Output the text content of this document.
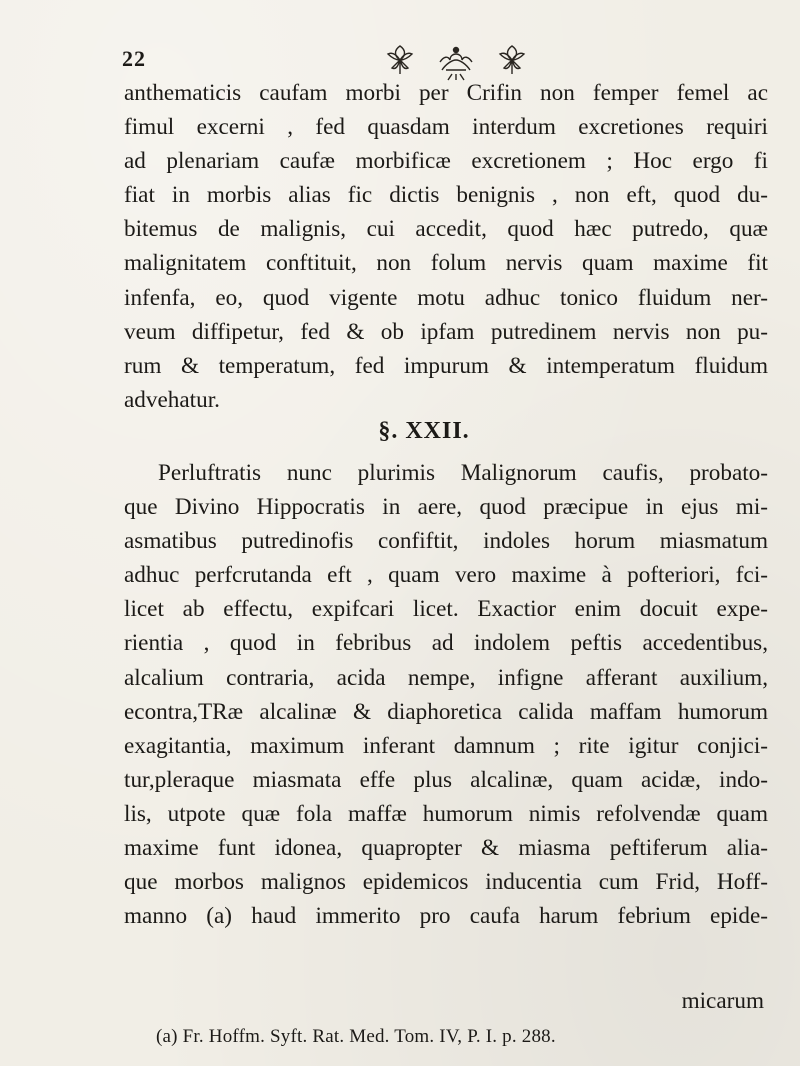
22
anthematicis caufam morbi per Crifin non femper femel ac
fimul excerni , fed quasdam interdum excretiones requiri
ad plenariam caufæ morbificæ excretionem ; Hoc ergo fi
fiat in morbis alias fic dictis benignis , non eft, quod du-
bitemus de malignis, cui accedit, quod hæc putredo, quæ
malignitatem conftituit, non folum nervis quam maxime fit
infenfa, eo, quod vigente motu adhuc tonico fluidum ner-
veum diffipetur, fed & ob ipfam putredinem nervis non pu-
rum & temperatum, fed impurum & intemperatum fluidum
advehatur.
§. XXII.
Perluftratis nunc plurimis Malignorum caufis, probato-
que Divino Hippocratis in aere, quod præcipue in ejus mi-
asmatibus putredinofis confiftit, indoles horum miasmatum
adhuc perfcrutanda eft , quam vero maxime à pofteriori, fci-
licet ab effectu, expifcari licet. Exactior enim docuit expe-
rientia , quod in febribus ad indolem peftis accedentibus,
alcalium contraria, acida nempe, infigne afferant auxilium,
econtra,TRæ alcalinæ & diaphoretica calida maffam humorum
exagitantia, maximum inferant damnum ; rite igitur conjici-
tur,pleraque miasmata effe plus alcalinæ, quam acidæ, indo-
lis, utpote quæ fola maffæ humorum nimis refolvendæ quam
maxime funt idonea, quapropter & miasma peftiferum alia-
que morbos malignos epidemicos inducentia cum Frid, Hoff-
manno (a) haud immerito pro caufa harum febrium epide-
micarum
(a) Fr. Hoffm. Syft. Rat. Med. Tom. IV, P. I. p. 288.
